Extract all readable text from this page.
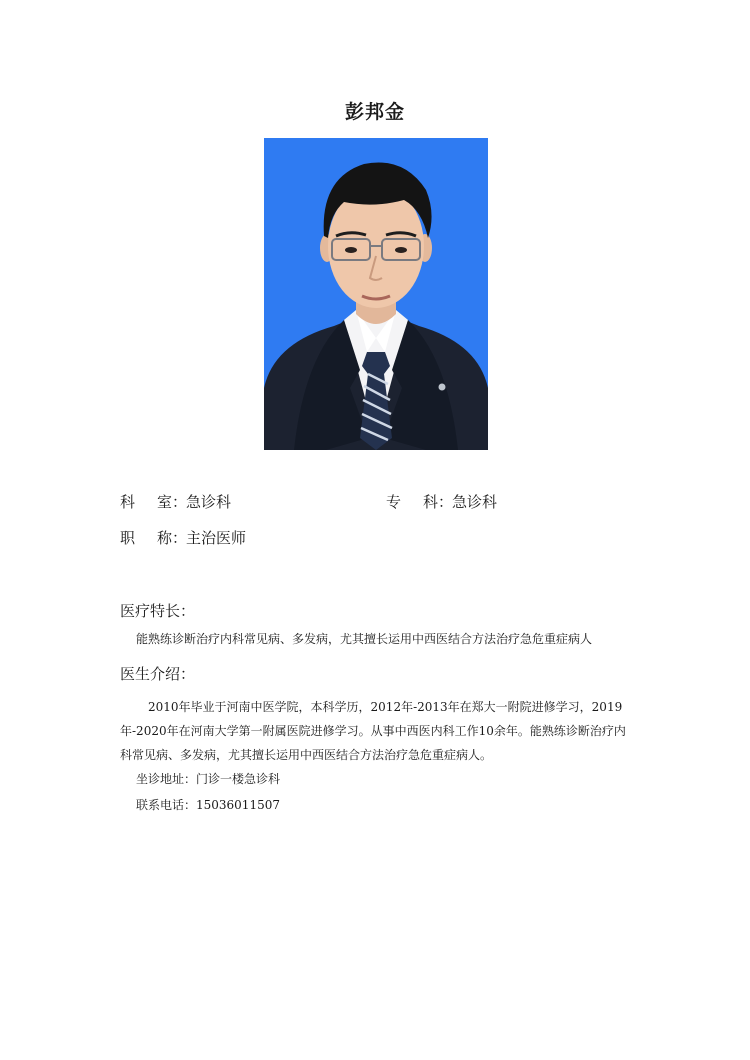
彭邦金
科 室：急诊科	专 科：急诊科
职 称：主治医师
医疗特长：
能熟练诊断治疗内科常见病、多发病，尤其擅长运用中西医结合方法治疗急危重症病人
医生介绍：
2010年毕业于河南中医学院，本科学历，2012年-2013年在郑大一附院进修学习，2019年-2020年在河南大学第一附属医院进修学习。从事中西医内科工作10余年。能熟练诊断治疗内科常见病、多发病，尤其擅长运用中西医结合方法治疗急危重症病人。
坐诊地址：门诊一楼急诊科
联系电话：15036011507
